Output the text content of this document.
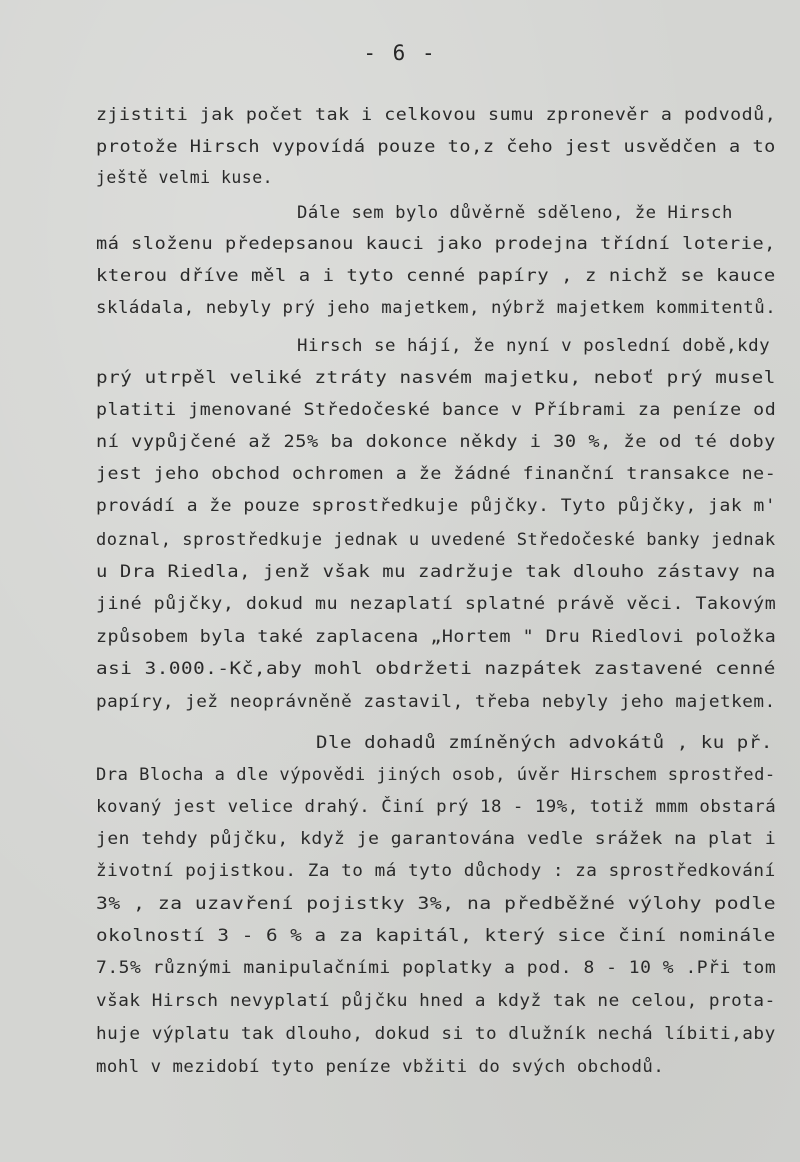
- 6 -
zjistiti jak počet tak i celkovou sumu zpronevěr a podvodů,
protože Hirsch vypovídá pouze to,z čeho jest usvědčen a to
ještě velmi kuse.
Dále sem bylo důvěrně sděleno, že Hirsch
má složenu předepsanou kauci jako prodejna třídní loterie,
kterou dříve měl a i tyto cenné papíry , z nichž se kauce
skládala, nebyly prý jeho majetkem, nýbrž majetkem kommitentů.
Hirsch se hájí, že nyní v poslední době,kdy
prý utrpěl veliké ztráty nasvém majetku, neboť prý musel
platiti jmenované Středočeské bance v Příbrami za peníze od
ní vypůjčené až 25% ba dokonce někdy i 30 %, že od té doby
jest jeho obchod ochromen a že žádné finanční transakce ne-
provádí a že pouze sprostředkuje půjčky. Tyto půjčky, jak m'
doznal, sprostředkuje jednak u uvedené Středočeské banky jednak
u Dra Riedla, jenž však mu zadržuje tak dlouho zástavy na
jiné půjčky, dokud mu nezaplatí splatné právě věci. Takovým
způsobem byla také zaplacena „Hortem " Dru Riedlovi položka
asi 3.000.-Kč,aby mohl obdržeti nazpátek zastavené cenné
papíry, jež neoprávněně zastavil, třeba nebyly jeho majetkem.
Dle dohadů zmíněných advokátů , ku př.
Dra Blocha a dle výpovědi jiných osob, úvěr Hirschem sprostřed-
kovaný jest velice drahý. Činí prý 18 - 19%, totiž mmm obstará
jen tehdy půjčku, když je garantována vedle srážek na plat i
životní pojistkou. Za to má tyto důchody : za sprostředkování
3% , za uzavření pojistky 3%, na předběžné výlohy podle
okolností 3 - 6 % a za kapitál, který sice činí nominále
7.5% různými manipulačními poplatky a pod. 8 - 10 % .Při tom
však Hirsch nevyplatí půjčku hned a když tak ne celou, prota-
huje výplatu tak dlouho, dokud si to dlužník nechá líbiti,aby
mohl v mezidobí tyto peníze vbžiti do svých obchodů.
